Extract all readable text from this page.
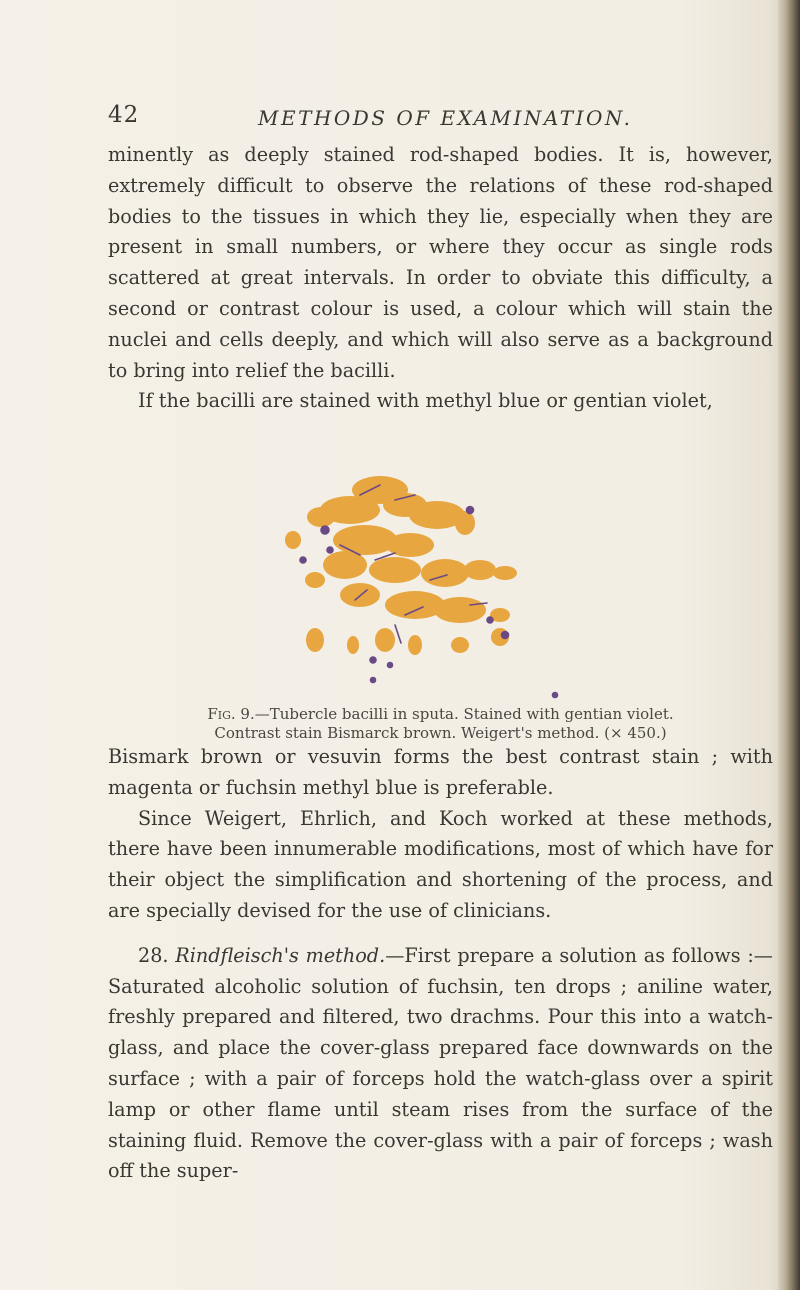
42	METHODS OF EXAMINATION.

minently as deeply stained rod-shaped bodies. It is, however, extremely difficult to observe the relations of these rod-shaped bodies to the tissues in which they lie, especially when they are present in small numbers, or where they occur as single rods scattered at great intervals. In order to obviate this difficulty, a second or contrast colour is used, a colour which will stain the nuclei and cells deeply, and which will also serve as a background to bring into relief the bacilli.

If the bacilli are stained with methyl blue or gentian violet,

Fig. 9.—Tubercle bacilli in sputa. Stained with gentian violet.
Contrast stain Bismarck brown. Weigert's method. (× 450.)

Bismark brown or vesuvin forms the best contrast stain ; with magenta or fuchsin methyl blue is preferable.

Since Weigert, Ehrlich, and Koch worked at these methods, there have been innumerable modifications, most of which have for their object the simplification and shortening of the process, and are specially devised for the use of clinicians.

28. Rindfleisch's method.—First prepare a solution as follows :—Saturated alcoholic solution of fuchsin, ten drops ; aniline water, freshly prepared and filtered, two drachms. Pour this into a watch-glass, and place the cover-glass prepared face downwards on the surface ; with a pair of forceps hold the watch-glass over a spirit lamp or other flame until steam rises from the surface of the staining fluid. Remove the cover-glass with a pair of forceps ; wash off the super-
